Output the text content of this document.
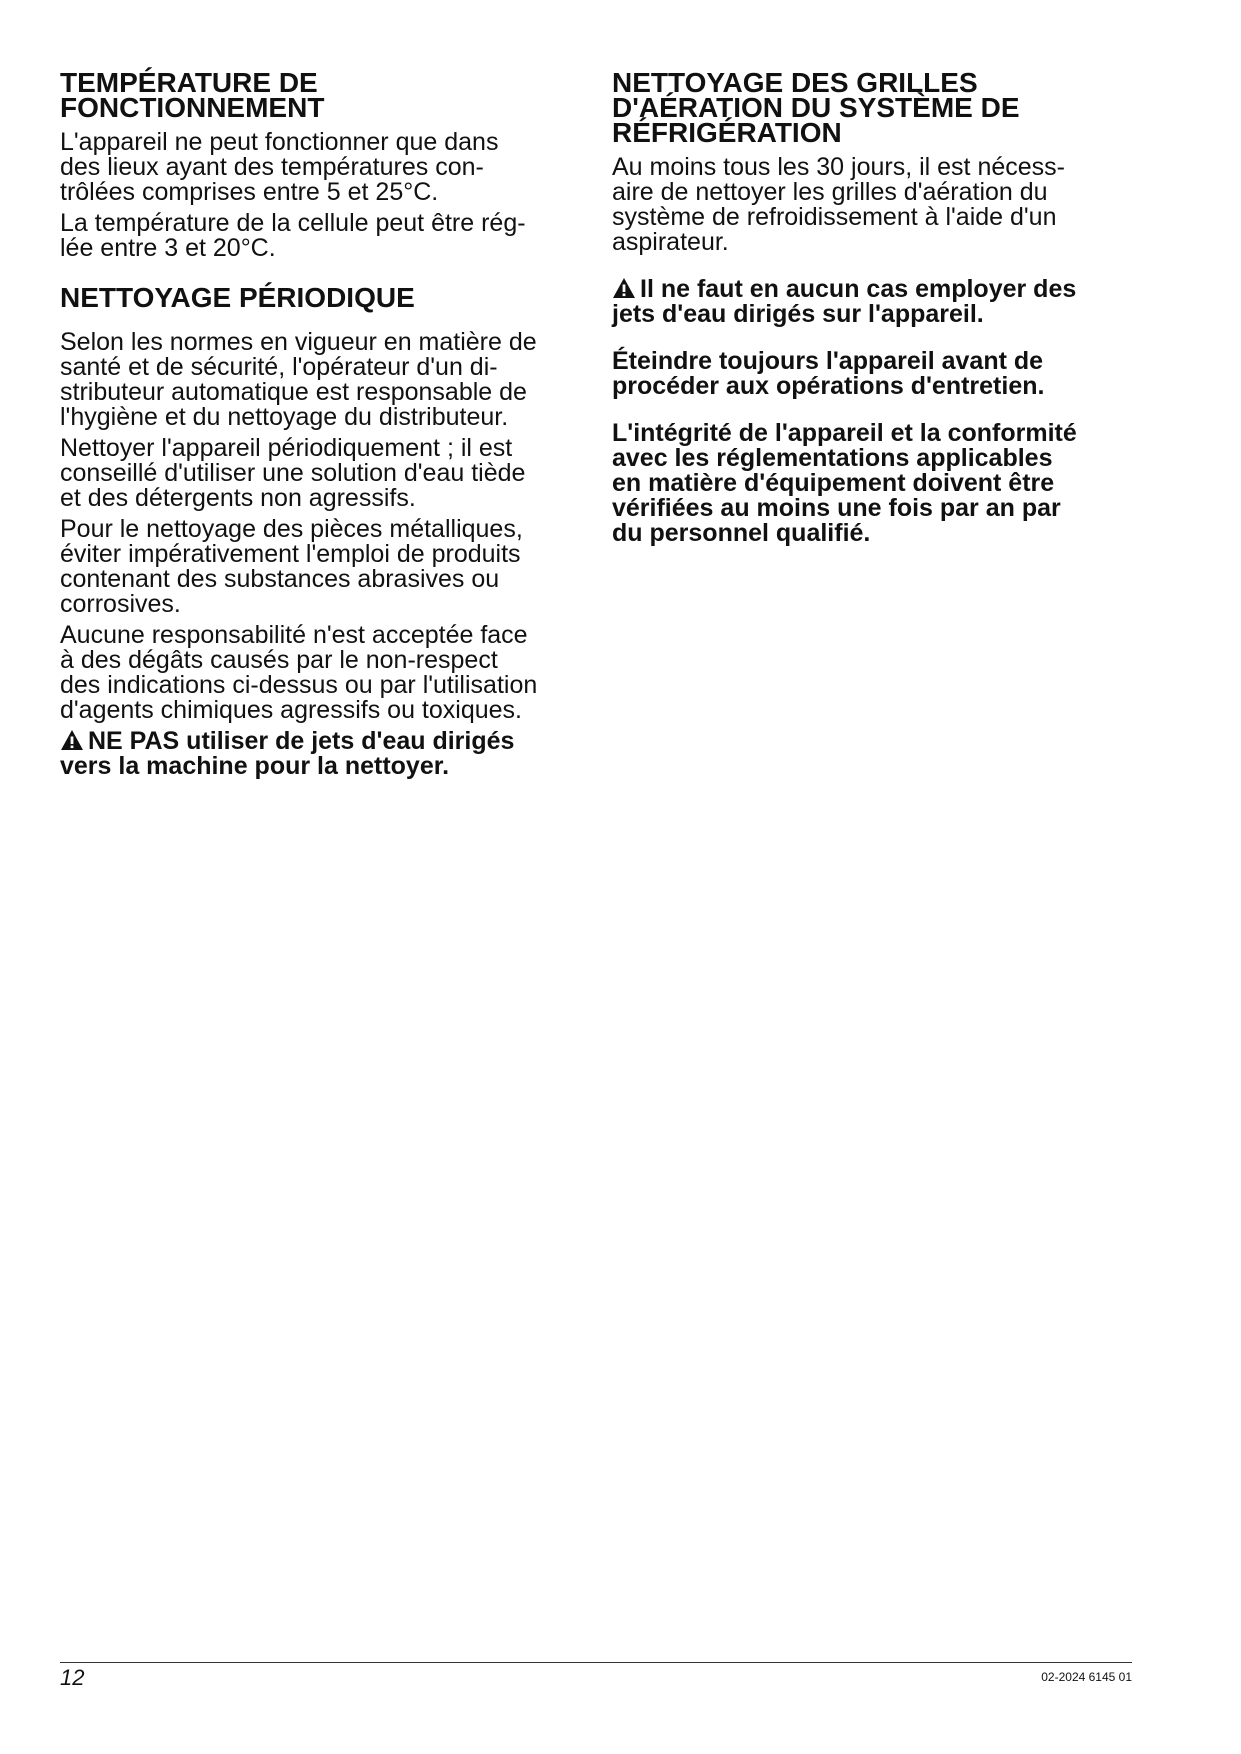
TEMPÉRATURE DE
FONCTIONNEMENT

L'appareil ne peut fonctionner que dans
des lieux ayant des températures con-
trôlées comprises entre 5 et 25°C.

La température de la cellule peut être rég-
lée entre 3 et 20°C.

NETTOYAGE PÉRIODIQUE

Selon les normes en vigueur en matière de
santé et de sécurité, l'opérateur d'un di-
stributeur automatique est responsable de
l'hygiène et du nettoyage du distributeur.

Nettoyer l'appareil périodiquement ; il est
conseillé d'utiliser une solution d'eau tiède
et des détergents non agressifs.

Pour le nettoyage des pièces métalliques,
éviter impérativement l'emploi de produits
contenant des substances abrasives ou
corrosives.

Aucune responsabilité n'est acceptée face
à des dégâts causés par le non-respect
des indications ci-dessus ou par l'utilisation
d'agents chimiques agressifs ou toxiques.

NE PAS utiliser de jets d'eau dirigés
vers la machine pour la nettoyer.

NETTOYAGE DES GRILLES
D'AÉRATION DU SYSTÈME DE
RÉFRIGÉRATION

Au moins tous les 30 jours, il est nécess-
aire de nettoyer les grilles d'aération du
système de refroidissement à l'aide d'un
aspirateur.

Il ne faut en aucun cas employer des
jets d'eau dirigés sur l'appareil.

Éteindre toujours l'appareil avant de
procéder aux opérations d'entretien.

L'intégrité de l'appareil et la conformité
avec les réglementations applicables
en matière d'équipement doivent être
vérifiées au moins une fois par an par
du personnel qualifié.

12	02-2024 6145 01
